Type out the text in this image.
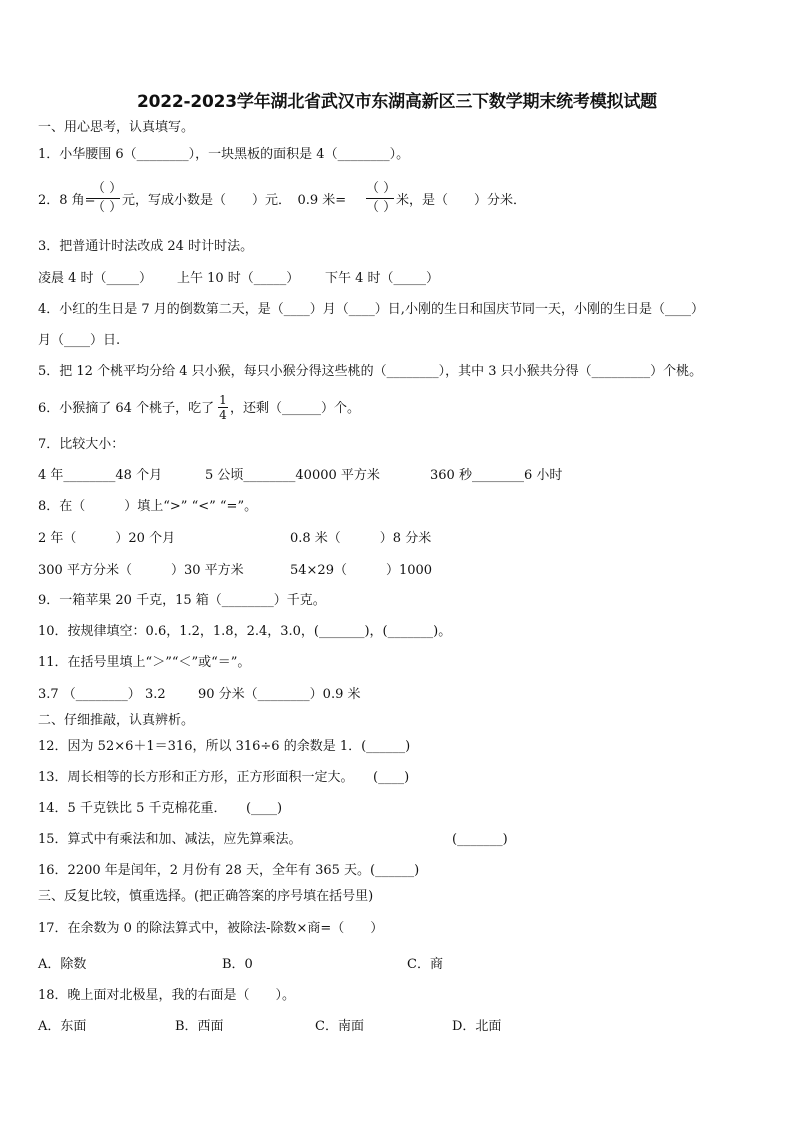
2022-2023学年湖北省武汉市东湖高新区三下数学期末统考模拟试题
一、用心思考，认真填写。
1．小华腰围 6（________），一块黑板的面积是 4（________）。
2．8 角=
（ ）
（ ） 元，写成小数是（　　）元．　0.9 米=
（ ）
（ ） 米，是（　　）分米．
3．把普通计时法改成 24 时计时法。
凌晨 4 时（_____） 上午 10 时（_____） 下午 4 时（_____）
4．小红的生日是 7 月的倒数第二天，是（____）月（____）日,小刚的生日和国庆节同一天，小刚的生日是（____）
月（____）日.
5．把 12 个桃平均分给 4 只小猴，每只小猴分得这些桃的（________），其中 3 只小猴共分得（_________）个桃。
6．小猴摘了 64 个桃子，吃了
1
4 ，还剩（______）个。
7．比较大小：
4 年________48 个月	5 公顷________40000 平方米	360 秒________6 小时
8．在（　　　）填上“>” “<” “=”。
2 年（　　　）20 个月	0.8 米（　　　）8 分米
300 平方分米（　　　）30 平方米	54×29（　　　）1000
9．一箱苹果 20 千克，15 箱（________）千克。
10．按规律填空：0.6，1.2，1.8，2.4，3.0，(_______)，(_______)。
11．在括号里填上“＞”“＜”或“＝”。
3.7 （________） 3.2 90 分米（________）0.9 米
二、仔细推敲，认真辨析。
12．因为 52×6＋1＝316，所以 316÷6 的余数是 1．(______)
13．周长相等的长方形和正方形，正方形面积一定大。　　(____)
14．5 千克铁比 5 千克棉花重．　　(____)
15．算式中有乘法和加、减法，应先算乘法。	(_______)
16．2200 年是闰年，2 月份有 28 天，全年有 365 天。(______)
三、反复比较，慎重选择。(把正确答案的序号填在括号里)
17．在余数为 0 的除法算式中，被除法-除数×商=（　　）
A．除数	B．0	C．商
18．晚上面对北极星，我的右面是（　　）。
A．东面	B．西面	C．南面	D．北面
